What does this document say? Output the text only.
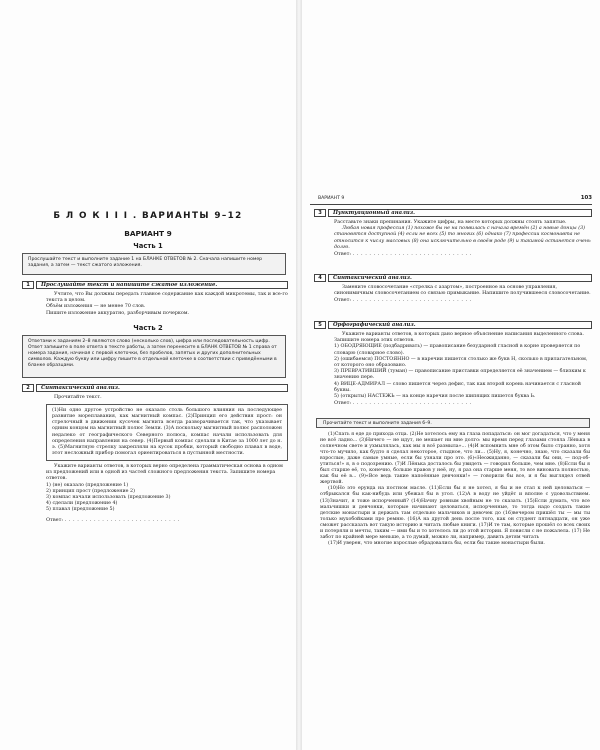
Б Л О К I I I . ВАРИАНТЫ 9–12
ВАРИАНТ 9
Часть 1
Прослушайте текст и выполните задание 1 на БЛАНКЕ ОТВЕТОВ № 2. Сначала напишите номер задания, а затем — текст сжатого изложения.
1	Прослушайте текст и напишите сжатое изложение.

Учтите, что Вы должны передать главное содержание как каждой микротемы, так и все-го текста в целом.

Объём изложения — не менее 70 слов.

Пишите изложение аккуратно, разборчивым почерком.

Часть 2
Ответами к заданиям 2–8 являются слово (несколько слов), цифра или последовательность цифр. Ответ запишите в поле ответа в тексте работы, а затем перенесите в БЛАНК ОТВЕТОВ № 1 справа от номера задания, начиная с первой клеточки, без пробелов, запятых и других дополнительных символов. Каждую букву или цифру пишите в отдельной клеточке в соответствии с приведёнными в бланке образцами.
2	Синтаксический анализ.

Прочитайте текст.

(1)Ни одно другое устройство не оказало столь большого влияния на последующее развитие мореплавания, как магнитный компас. (2)Принцип его действия прост: он стрелочный в движении кусочек магнита всегда разворачивается так, что указывает одним концом на магнитный полюс Земли. (3)А поскольку магнитный полюс расположен недалеко от географического Северного полюса, компас начали использовать для определения направления на север. (4)Первый компас сделали в Китае за 1000 лет до н. э. (5)Магнитную стрелку закрепляли на кусок пробки, который свободно плавал в воде, этот несложный прибор помогал ориентироваться в пустынной местности.

Укажите варианты ответов, в которых верно определена грамматическая основа в одном из предложений или в одной из частей сложного предложения текста. Запишите номера ответов.

1) (не) оказало (предложение 1)

2) принцип прост (предложение 2)

3) компас начали использовать (предложение 3)

4) сделали (предложение 4)

5) плавал (предложение 5)

Ответ: . . . . . . . . . . . . . . . . . . . . . . . . . . . .
ВАРИАНТ 9	103
3	Пунктуационный анализ.

Расставьте знаки препинания. Укажите цифры, на месте которых должны стоять запятые.

Любая новая профессия (1) похоже бы не на появилась с начала времён (2) а новые донцы (3) становятся доступной (4) если не всех (5) то многих (6) однако (7) профессии космонавта не относится к числу массовых (8) она исключительно в своём роде (9) и такимой останется очень долго.

Ответ: . . . . . . . . . . . . . . . . . . . . . . . . . . . . .
4	Синтаксический анализ.

Замените словосочетание «стрелка с азартом», построенное на основе управления, синонимичным словосочетанием со связью примыкание. Напишите получившееся словосочетание.

Ответ: . . . . . . . . . . . . . . . . . . . . . . . . . . . . .
5	Орфографический анализ.

Укажите варианты ответов, в которых дано верное объяснение написания выделенного слова. Запишите номера этих ответов.

1) ОБОДРЯЮЩИЕ (подбадривать) — правописание безударной гласной в корне проверяется по словарю (словарное слово).

2) (ошибаемся) ПОСТОЯННО — в наречии пишется столько же букв Н, сколько в прилагательном, от которого оно образовано.

3) ПРЕВРАТИВШИЙ (туман) — правописание приставки определяется её значением — близким к значению пере.

4) ВИЦЕ-АДМИРАЛ — слово пишется через дефис, так как второй корень начинается с гласной буквы.

5) (открыты) НАСТЕЖЬ — на конце наречия после шипящих пишется буква Ь.

Ответ: . . . . . . . . . . . . . . . . . . . . . . . . . . . . .
Прочитайте текст и выполните задания 6–9.

(1)Спать я еде до прихода отца. (2)Не хотелось ему на глаза попадаться: он мог догадаться, что у меня не всё ладно... (3)Ничего — не идут, не мешает ни мне долго: мы время перед глазами стояла Лёнька в солнечном свете и ухмылялась, как мы я всё размыла»... (4)И вспомнить мне об этом было странно, хотя что-то мучило, как будто я сделал некоторое, стыдное, что ли... (5)Ну, я, конечно, знаю, что сказали бы взрослые, даже самые умные, если бы узнали про это. (6)«Неожиданно, — сказали бы они, — под-об-утиться!» я, в о подозрению. (7)И Лёнька досталось бы увидеть — говорил больше, чем мне. (8)Если бы я был старше её, то, конечно, больше правов у неё, ну, я раз она старше меня, то все виновата полностью, как бы её в... (9)«Все ведь такие напоённые девчонки!» — говорили бы все, и я бы выглядел отвей жертвой.

(10)Но это ерунда на постном масле. (11)Если бы я не хотел, я бы и не стал к ней целоваться — отбрыкался бы как-нибудь или убежал бы в угол. (12)А в воду не уйдёт и вполне с удовольствием. (13)Значит, я тоже испорченный? (14)Начну ровным хвойным не то сказать. (15)Если думать, что все мальчишки и девчонки, которые начинают целоваться, испорченные, то тогда надо создать такие детские монастыри и держать там отдельно мальчиков и девочек до (16)вечером пришёл ты — мы ты только мухобойками про ремню. (16)А на другой день после того, как он студент пятнадцати, он уже сможет рассказать вот такую историю и читать любые книги. (17)И те там, которые прошёл со всех своих и потеряли и мечты, таким — ими бы и то хотелось ли до этой истории. Я повисли с не пожалела. (17) Не забот по крайней мере меньше, а то думай, можно ли, например, давить детям читать

(17)И уверен, что многие взрослые обрадовались бы, если бы такие монастыри были.
